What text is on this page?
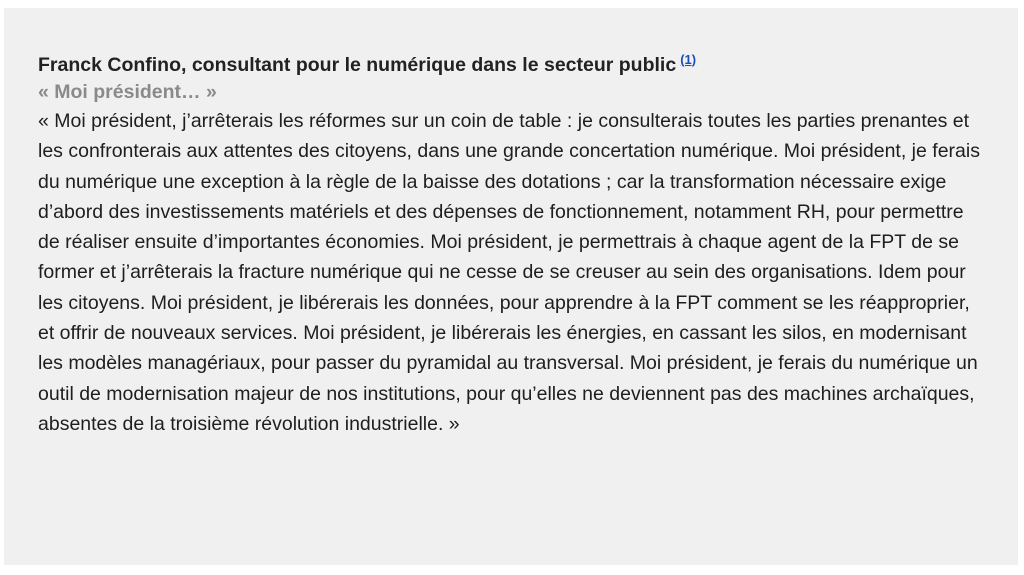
Franck Confino, consultant pour le numérique dans le secteur public $^{(1)}$

« Moi président… »

« Moi président, j’arrêterais les réformes sur un coin de table : je consulterais toutes les parties prenantes et les confronterais aux attentes des citoyens, dans une grande concertation numérique. Moi président, je ferais du numérique une exception à la règle de la baisse des dotations ; car la transformation nécessaire exige d’abord des investissements matériels et des dépenses de fonctionnement, notamment RH, pour permettre de réaliser ensuite d’importantes économies. Moi président, je permettrais à chaque agent de la FPT de se former et j’arrêterais la fracture numérique qui ne cesse de se creuser au sein des organisations. Idem pour les citoyens. Moi président, je libérerais les données, pour apprendre à la FPT comment se les réapproprier, et offrir de nouveaux services. Moi président, je libérerais les énergies, en cassant les silos, en modernisant les modèles managériaux, pour passer du pyramidal au transversal. Moi président, je ferais du numérique un outil de modernisation majeur de nos institutions, pour qu’elles ne deviennent pas des machines archaïques, absentes de la troisième révolution industrielle. »
